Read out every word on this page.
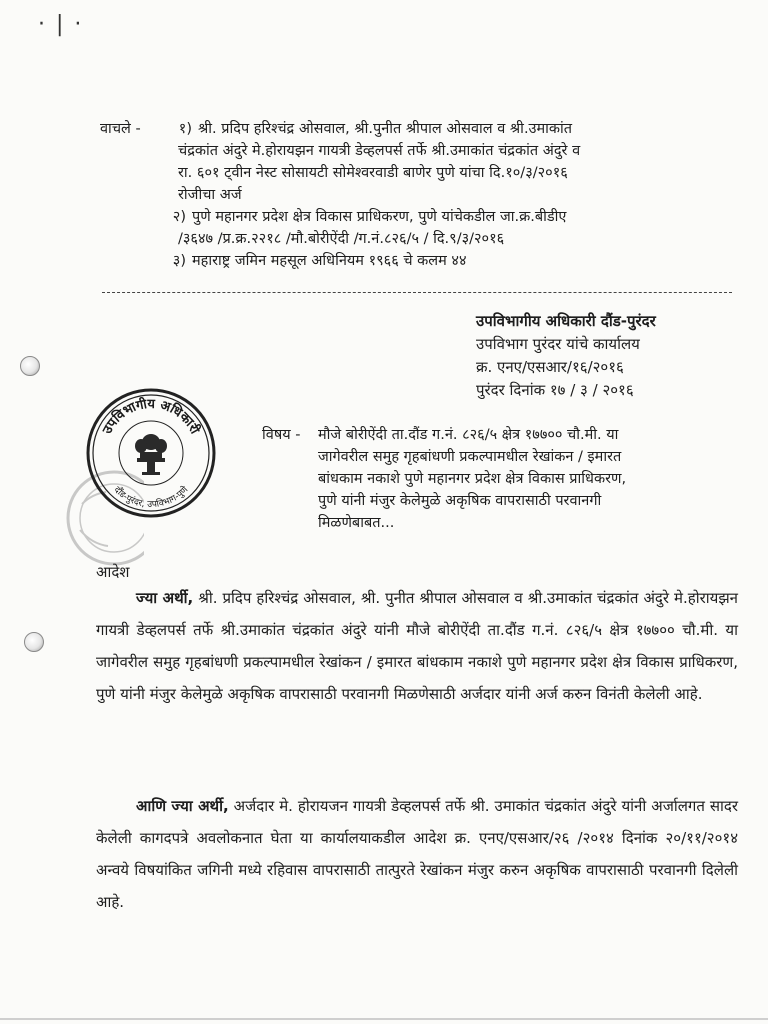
· | ·
वाचले -	१) श्री. प्रदिप हरिश्चंद्र ओसवाल, श्री.पुनीत श्रीपाल ओसवाल व श्री.उमाकांत
चंद्रकांत अंदुरे मे.होरायझन गायत्री डेव्हलपर्स तर्फे श्री.उमाकांत चंद्रकांत अंदुरे व
रा. ६०१ ट्वीन नेस्ट सोसायटी सोमेश्वरवाडी बाणेर पुणे यांचा दि.१०/३/२०१६
रोजीचा अर्ज
२) पुणे महानगर प्रदेश क्षेत्र विकास प्राधिकरण, पुणे यांचेकडील जा.क्र.बीडीए
/३६४७ /प्र.क्र.२२१८ /मौ.बोरीऐंदी /ग.नं.८२६/५ / दि.९/३/२०१६
३) महाराष्ट्र जमिन महसूल अधिनियम १९६६ चे कलम ४४
उपविभागीय अधिकारी दौंड-पुरंदर
उपविभाग पुरंदर यांचे कार्यालय
क्र. एनए/एसआर/१६/२०१६
पुरंदर दिनांक १७ / ३ / २०१६
उपविभागीय अधिकारी
दौंड-पुरंदर, उपविभाग-पुणे
विषय -	मौजे बोरीऐंदी ता.दौंड ग.नं. ८२६/५ क्षेत्र १७७०० चौ.मी. या
जागेवरील समुह गृहबांधणी प्रकल्पामधील रेखांकन / इमारत
बांधकाम नकाशे पुणे महानगर प्रदेश क्षेत्र विकास प्राधिकरण,
पुणे यांनी मंजुर केलेमुळे अकृषिक वापरासाठी परवानगी
मिळणेबाबत...
आदेश
ज्या अर्थी, श्री. प्रदिप हरिश्चंद्र ओसवाल, श्री. पुनीत श्रीपाल ओसवाल व श्री.उमाकांत चंद्रकांत अंदुरे मे.होरायझन गायत्री डेव्हलपर्स तर्फे श्री.उमाकांत चंद्रकांत अंदुरे यांनी मौजे बोरीऐंदी ता.दौंड ग.नं. ८२६/५ क्षेत्र १७७०० चौ.मी. या जागेवरील समुह गृहबांधणी प्रकल्पामधील रेखांकन / इमारत बांधकाम नकाशे पुणे महानगर प्रदेश क्षेत्र विकास प्राधिकरण, पुणे यांनी मंजुर केलेमुळे अकृषिक वापरासाठी परवानगी मिळणेसाठी अर्जदार यांनी अर्ज करुन विनंती केलेली आहे.
आणि ज्या अर्थी, अर्जदार मे. होरायजन गायत्री डेव्हलपर्स तर्फे श्री. उमाकांत चंद्रकांत अंदुरे यांनी अर्जालगत सादर केलेली कागदपत्रे अवलोकनात घेता या कार्यालयाकडील आदेश क्र. एनए/एसआर/२६ /२०१४ दिनांक २०/११/२०१४ अन्वये विषयांकित जगिनी मध्ये रहिवास वापरासाठी तात्पुरते रेखांकन मंजुर करुन अकृषिक वापरासाठी परवानगी दिलेली आहे.
